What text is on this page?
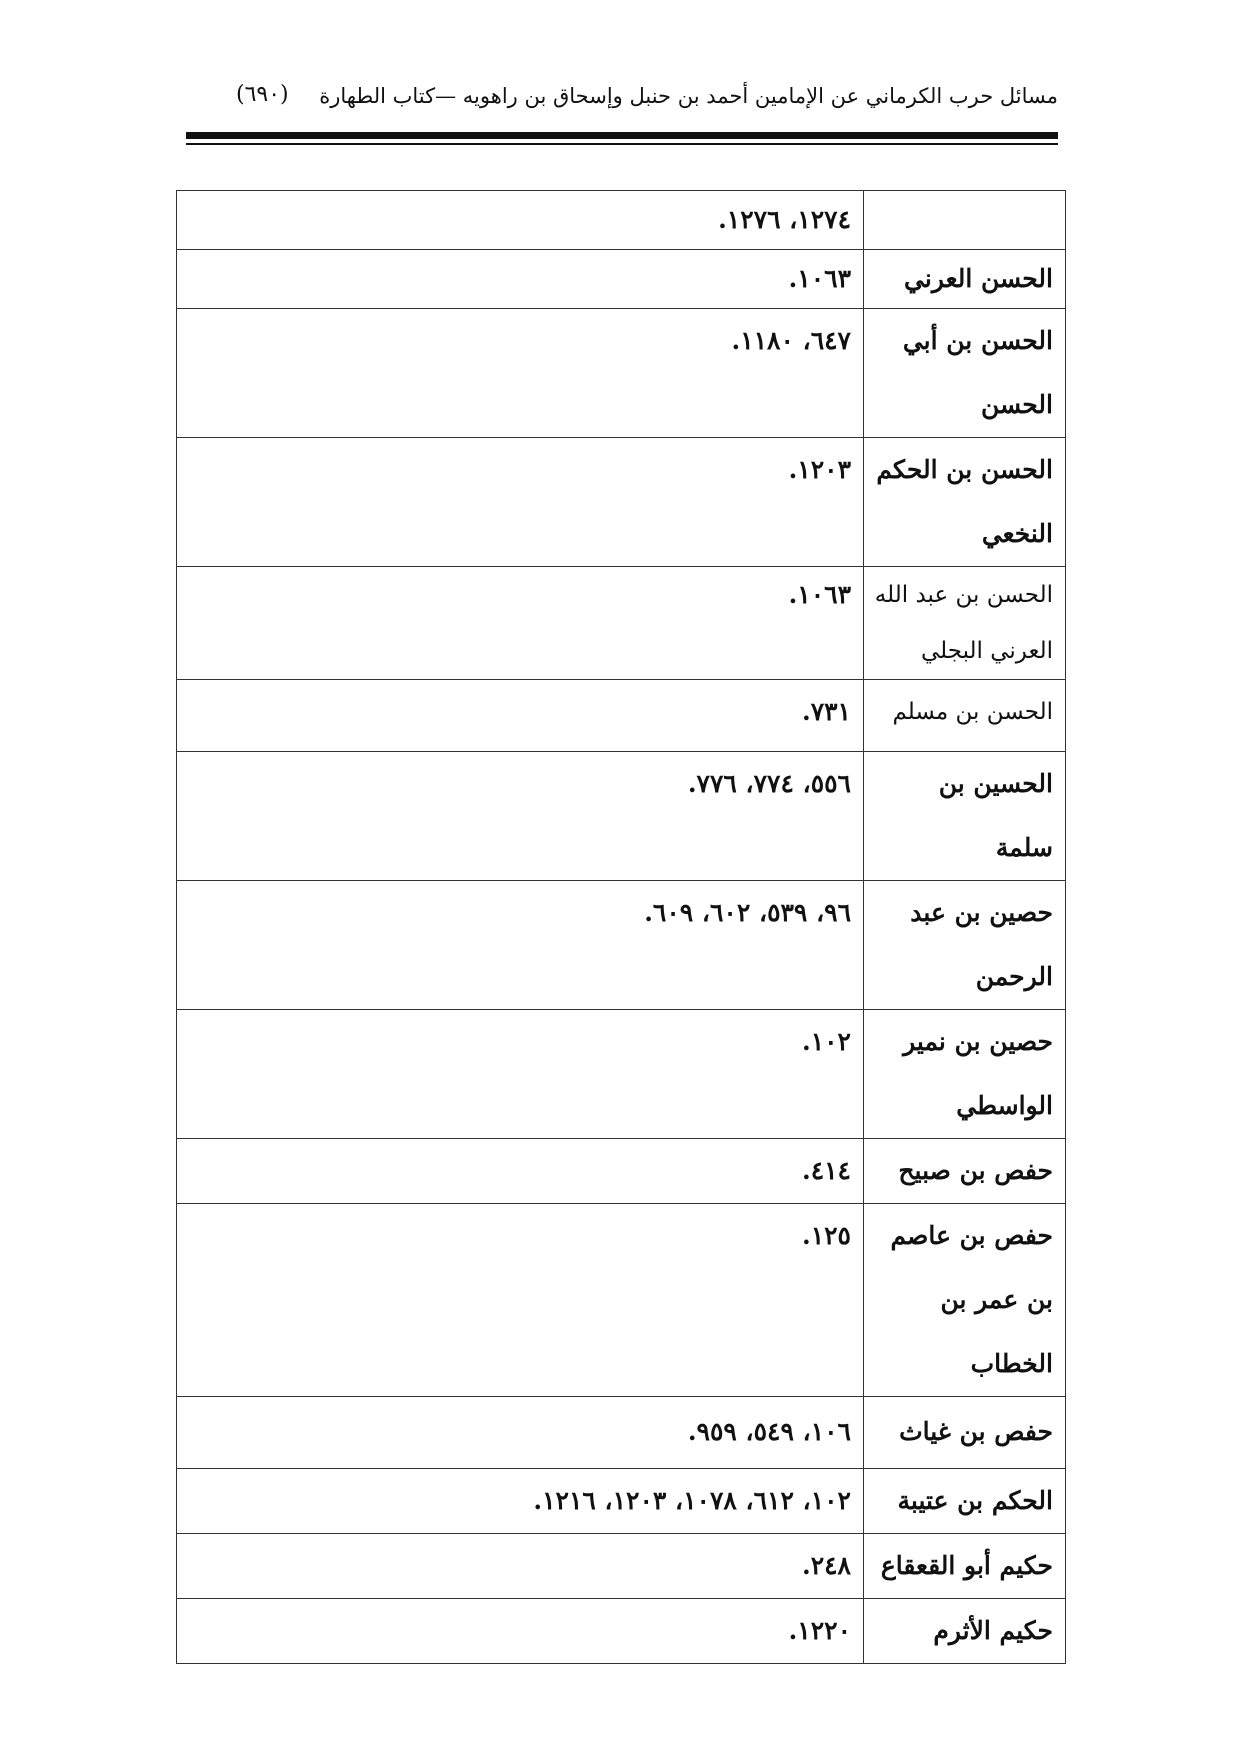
مسائل حرب الكرماني عن الإمامين أحمد بن حنبل وإسحاق بن راهويه —كتاب الطهارة
(٦٩٠)
	١٢٧٤، ١٢٧٦.
الحسن العرني	١٠٦٣.
الحسن بن أبي الحسن	٦٤٧، ١١٨٠.
الحسن بن الحكم النخعي	١٢٠٣.
الحسن بن عبد الله العرني البجلي	١٠٦٣.
الحسن بن مسلم	٧٣١.
الحسين بن سلمة	٥٥٦، ٧٧٤، ٧٧٦.
حصين بن عبد الرحمن	٩٦، ٥٣٩، ٦٠٢، ٦٠٩.
حصين بن نمير الواسطي	١٠٢.
حفص بن صبيح	٤١٤.
حفص بن عاصم بن عمر بن الخطاب	١٢٥.
حفص بن غياث	١٠٦، ٥٤٩، ٩٥٩.
الحكم بن عتيبة	١٠٢، ٦١٢، ١٠٧٨، ١٢٠٣، ١٢١٦.
حكيم أبو القعقاع	٢٤٨.
حكيم الأثرم	١٢٢٠.
